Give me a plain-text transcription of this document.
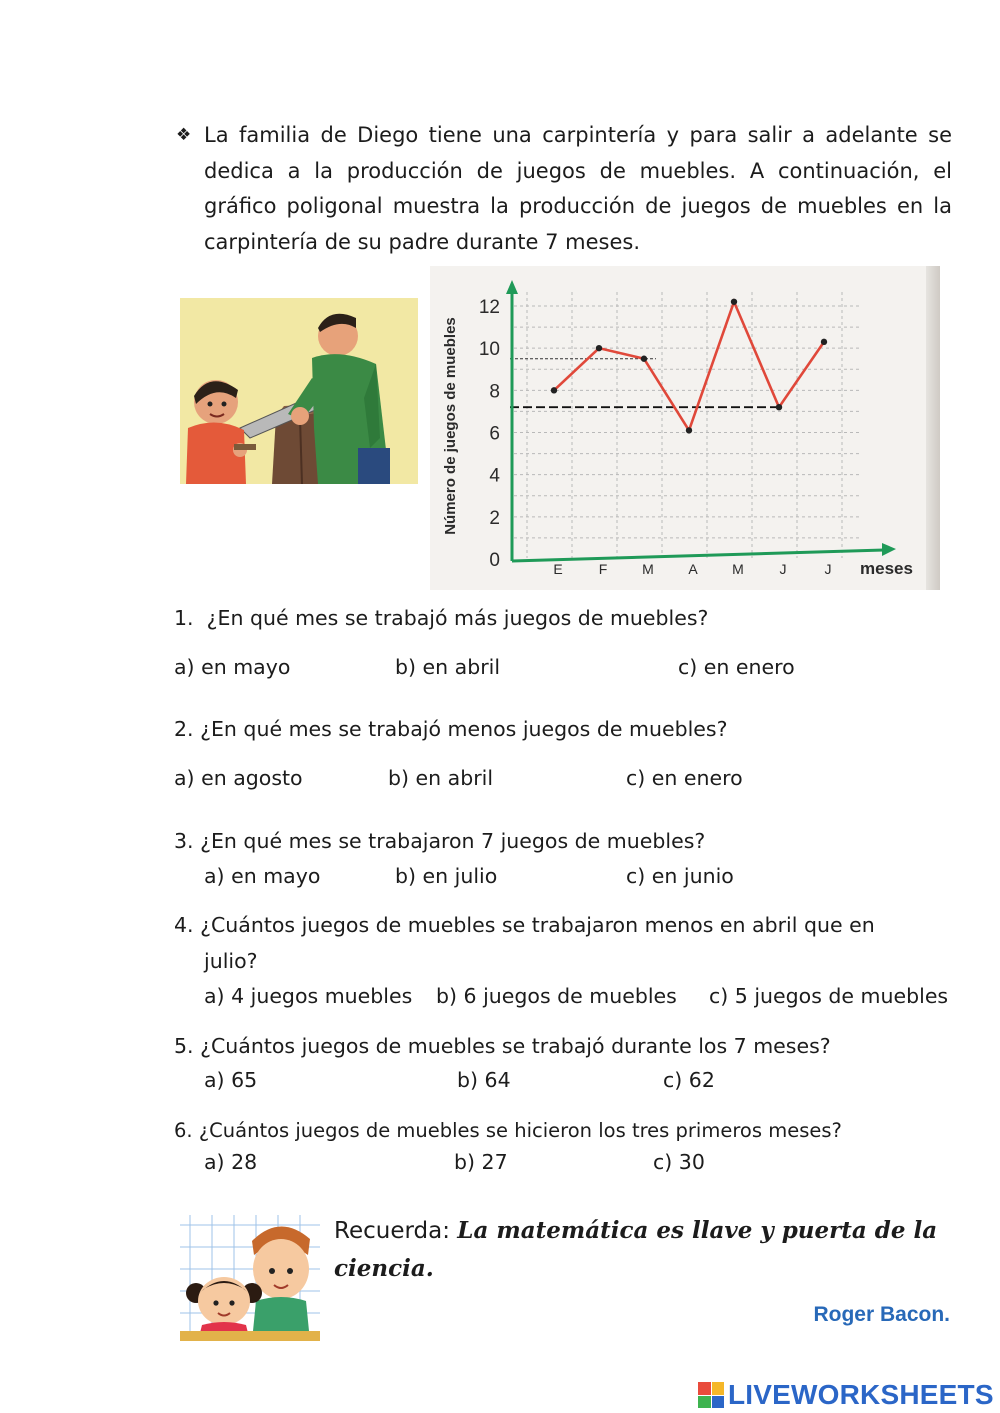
❖ La familia de Diego tiene una carpintería y para salir a adelante se dedica a la producción de juegos de muebles. A continuación, el gráfico poligonal muestra la producción de juegos de muebles en la carpintería de su padre durante 7 meses.

0
2
4
6
8
10
12
E	F M A M	J	J meses
Número de juegos de muebles
1. ¿En qué mes se trabajó más juegos de muebles?
a) en mayo	b) en abril	c) en enero
2. ¿En qué mes se trabajó menos juegos de muebles?
a) en agosto	b) en abril	c) en enero
3. ¿En qué mes se trabajaron 7 juegos de muebles?
a) en mayo	b) en julio	c) en junio
4. ¿Cuántos juegos de muebles se trabajaron menos en abril que en
julio?
a) 4 juegos muebles b) 6 juegos de muebles c) 5 juegos de muebles
5. ¿Cuántos juegos de muebles se trabajó durante los 7 meses?
a) 65	b) 64	c) 62
6. ¿Cuántos juegos de muebles se hicieron los tres primeros meses?
a) 28	b) 27	c) 30
Recuerda: La matemática es llave y puerta de la ciencia.
Roger Bacon.
LIVEWORKSHEETS
